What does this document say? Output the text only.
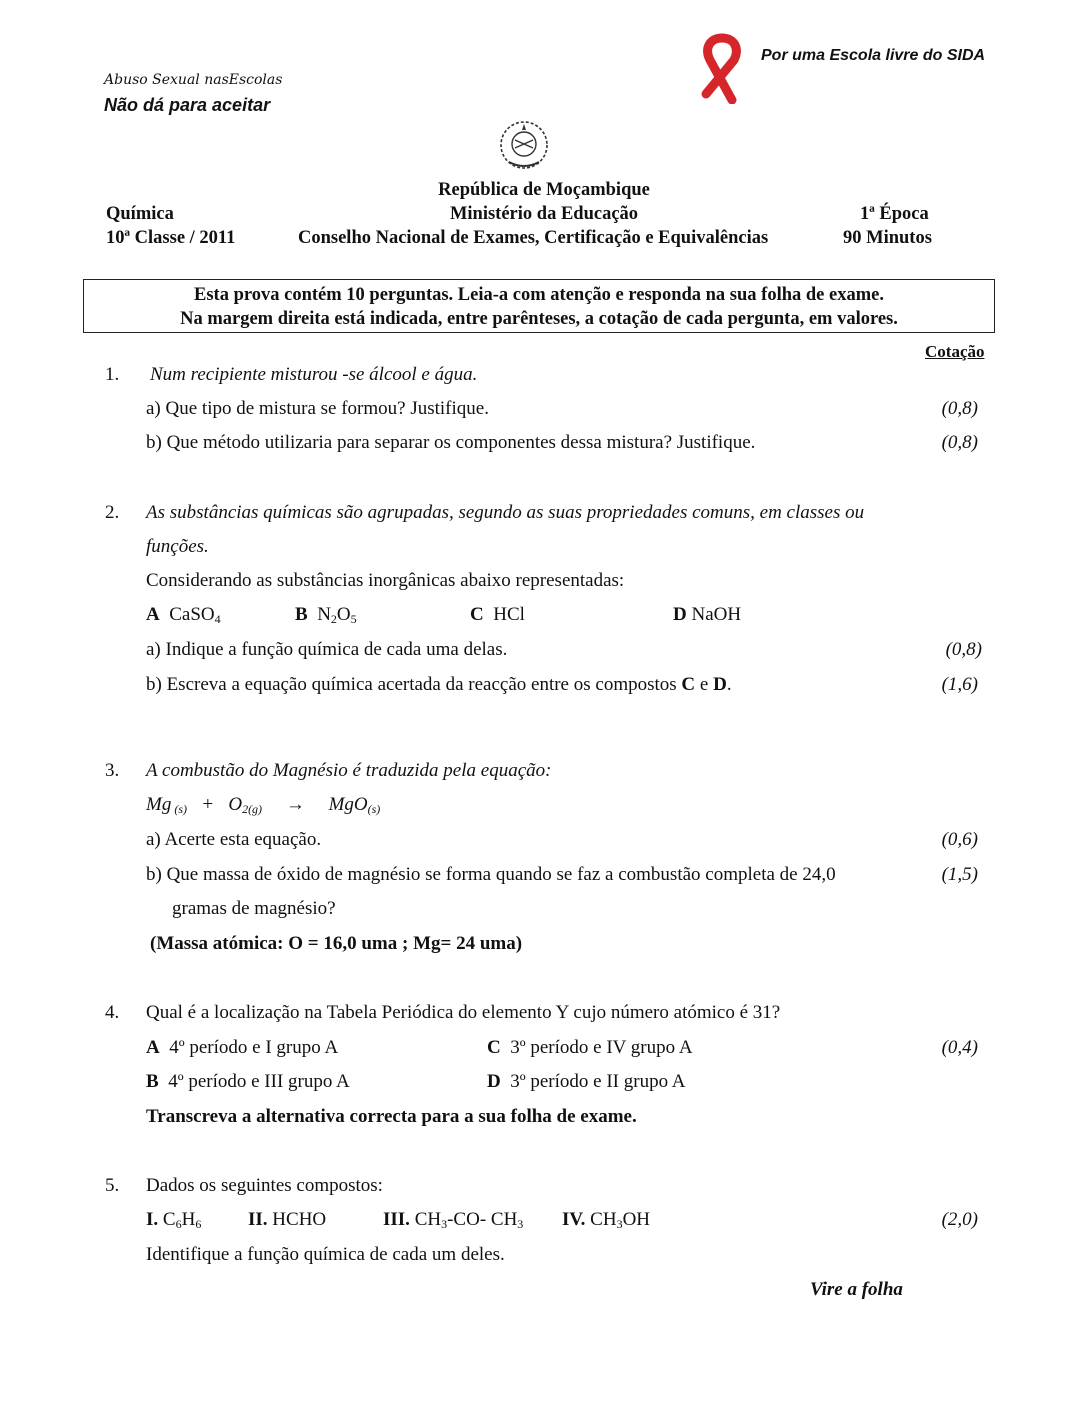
Abuso Sexual nasEscolas
Não dá para aceitar
Por uma Escola livre do SIDA
República de Moçambique
Ministério da Educação
Conselho Nacional de Exames, Certificação e Equivalências
Química
10ª Classe / 2011
1ª Época
90 Minutos
Esta prova contém 10 perguntas. Leia-a com atenção e responda na sua folha de exame.
Na margem direita está indicada, entre parênteses, a cotação de cada pergunta, em valores.
Cotação
1. Num recipiente misturou -se álcool e água.
a) Que tipo de mistura se formou? Justifique.	(0,8)
b) Que método utilizaria para separar os componentes dessa mistura? Justifique.	(0,8)
2. As substâncias químicas são agrupadas, segundo as suas propriedades comuns, em classes ou
funções.
Considerando as substâncias inorgânicas abaixo representadas:
A CaSO$_4$	B $N_2O_5$	C HCl	D NaOH
a) Indique a função química de cada uma delas.	(0,8)
b) Escreva a equação química acertada da reacção entre os compostos C e D.	(1,6)
3. A combustão do Magnésio é traduzida pela equação:
Mg $_{(s)} + O_{2(g)} \to MgO_{(s)}$
a) Acerte esta equação.	(0,6)
b) Que massa de óxido de magnésio se forma quando se faz a combustão completa de 24,0	(1,5)
gramas de magnésio?
(Massa atómica: O = 16,0 uma ; Mg= 24 uma)
4. Qual é a localização na Tabela Periódica do elemento Y cujo número atómico é 31?
A 4º período e I grupo A	C 3º período e IV grupo A	(0,4)
B 4º período e III grupo A	D 3º período e II grupo A
Transcreva a alternativa correcta para a sua folha de exame.
5. Dados os seguintes compostos:
I. $C_6H_6$ II. HCHO	III. $CH_3-CO-$ $CH_3$ IV. $CH_3OH$	(2,0)
Identifique a função química de cada um deles.
Vire a folha
